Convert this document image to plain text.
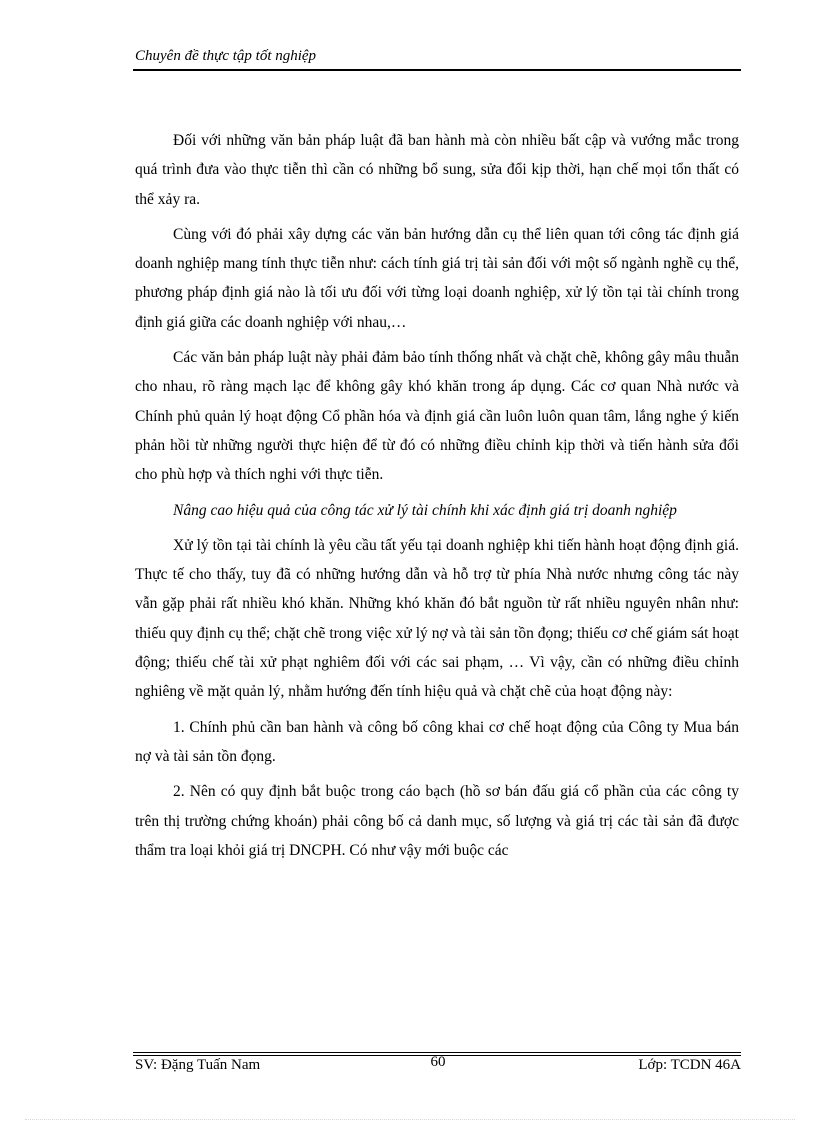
Chuyên đề thực tập tốt nghiệp

Đối với những văn bản pháp luật đã ban hành mà còn nhiều bất cập và vướng mắc trong quá trình đưa vào thực tiễn thì cần có những bổ sung, sửa đổi kịp thời, hạn chế mọi tổn thất có thể xảy ra.

Cùng với đó phải xây dựng các văn bản hướng dẫn cụ thể liên quan tới công tác định giá doanh nghiệp mang tính thực tiễn như: cách tính giá trị tài sản đối với một số ngành nghề cụ thể, phương pháp định giá nào là tối ưu đối với từng loại doanh nghiệp, xử lý tồn tại tài chính trong định giá giữa các doanh nghiệp với nhau,…

Các văn bản pháp luật này phải đảm bảo tính thống nhất và chặt chẽ, không gây mâu thuẫn cho nhau, rõ ràng mạch lạc để không gây khó khăn trong áp dụng. Các cơ quan Nhà nước và Chính phủ quản lý hoạt động Cổ phần hóa và định giá cần luôn luôn quan tâm, lắng nghe ý kiến phản hồi từ những người thực hiện để từ đó có những điều chỉnh kịp thời và tiến hành sửa đổi cho phù hợp và thích nghi với thực tiễn.

Nâng cao hiệu quả của công tác xử lý tài chính khi xác định giá trị doanh nghiệp

Xử lý tồn tại tài chính là yêu cầu tất yếu tại doanh nghiệp khi tiến hành hoạt động định giá. Thực tế cho thấy, tuy đã có những hướng dẫn và hỗ trợ từ phía Nhà nước nhưng công tác này vẫn gặp phải rất nhiều khó khăn. Những khó khăn đó bắt nguồn từ rất nhiều nguyên nhân như: thiếu quy định cụ thể; chặt chẽ trong việc xử lý nợ và tài sản tồn đọng; thiếu cơ chế giám sát hoạt động; thiếu chế tài xử phạt nghiêm đối với các sai phạm, … Vì vậy, cần có những điều chỉnh nghiêng về mặt quản lý, nhằm hướng đến tính hiệu quả và chặt chẽ của hoạt động này:

1. Chính phủ cần ban hành và công bố công khai cơ chế hoạt động của Công ty Mua bán nợ và tài sản tồn đọng.

2. Nên có quy định bắt buộc trong cáo bạch (hồ sơ bán đấu giá cổ phần của các công ty trên thị trường chứng khoán) phải công bố cả danh mục, số lượng và giá trị các tài sản đã được thẩm tra loại khỏi giá trị DNCPH. Có như vậy mới buộc các

SV: Đặng Tuấn Nam	60	Lớp: TCDN 46A
